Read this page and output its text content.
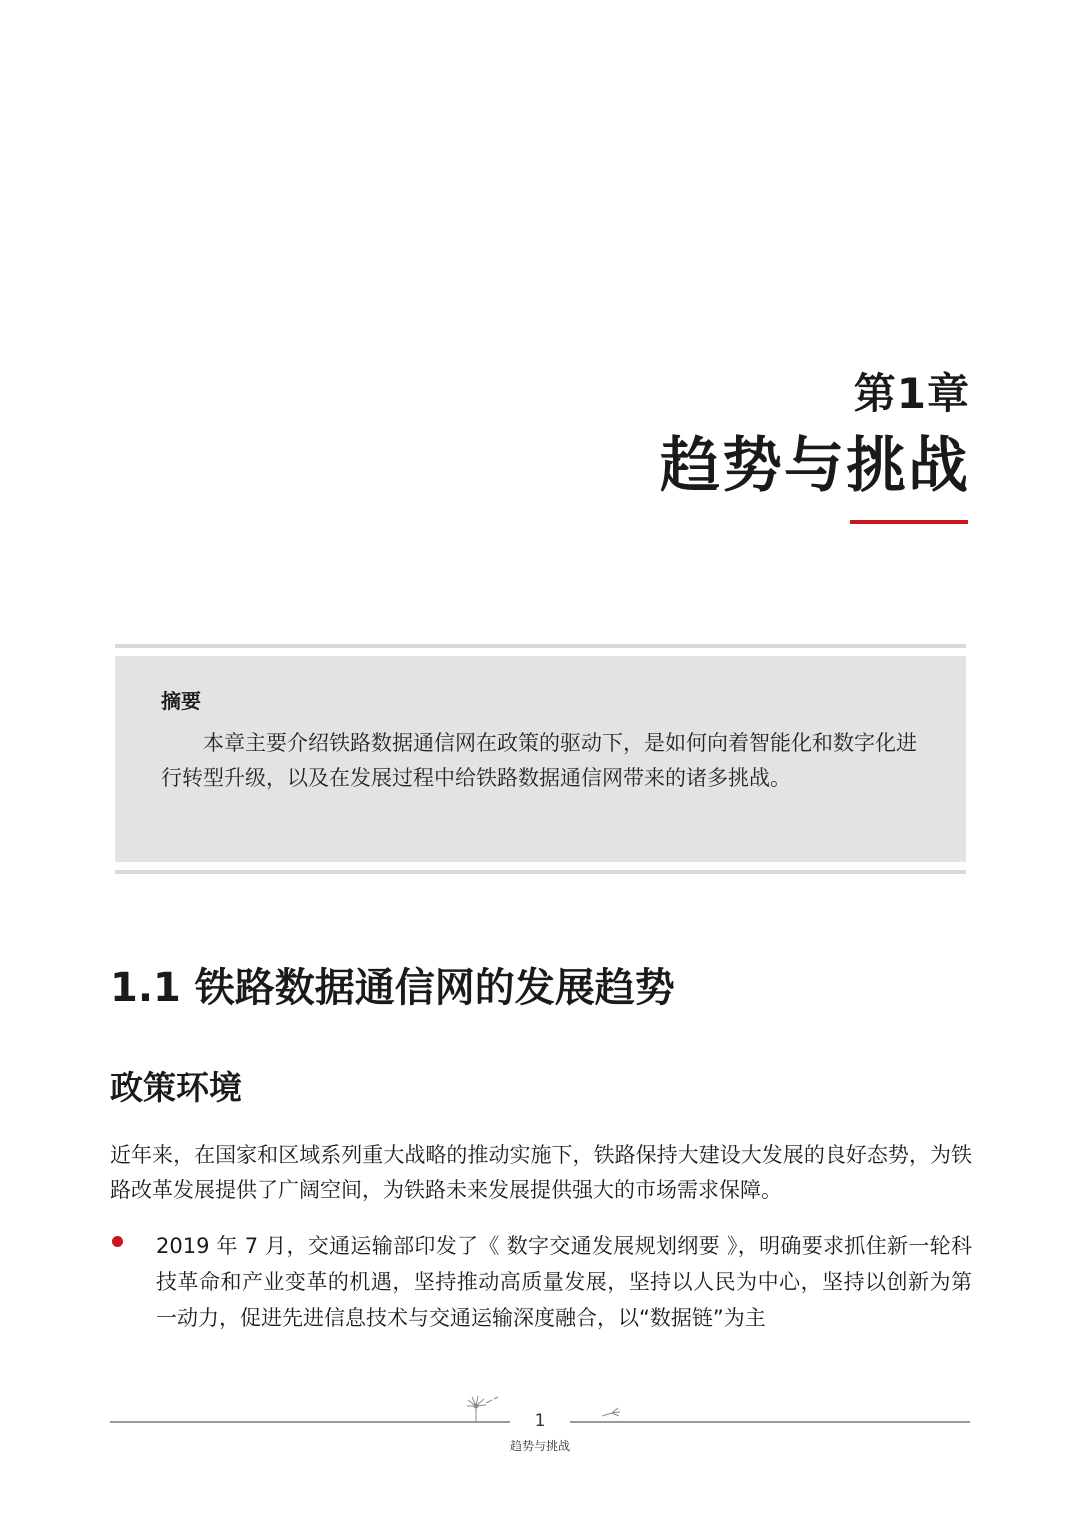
第1章
趋势与挑战
摘要
本章主要介绍铁路数据通信网在政策的驱动下，是如何向着智能化和数字化进行转型升级，以及在发展过程中给铁路数据通信网带来的诸多挑战。
1.1 铁路数据通信网的发展趋势
政策环境
近年来，在国家和区域系列重大战略的推动实施下，铁路保持大建设大发展的良好态势，为铁路改革发展提供了广阔空间，为铁路未来发展提供强大的市场需求保障。
2019 年 7 月，交通运输部印发了《 数字交通发展规划纲要 》，明确要求抓住新一轮科技革命和产业变革的机遇，坚持推动高质量发展，坚持以人民为中心，坚持以创新为第一动力，促进先进信息技术与交通运输深度融合，以“数据链”为主
1
趋势与挑战
